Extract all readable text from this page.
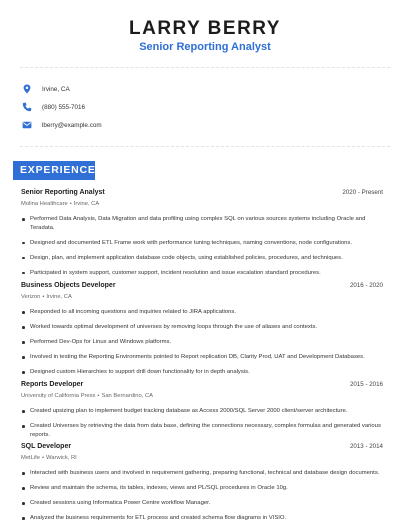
LARRY BERRY
Senior Reporting Analyst
Irvine, CA
(880) 555-7016
lberry@example.com
EXPERIENCE
Senior Reporting Analyst	2020 - Present
Molina Healthcare • Irvine, CA
Performed Data Analysis, Data Migration and data profiling using complex SQL on various sources systems including Oracle and Teradata.
Designed and documented ETL Frame work with performance tuning techniques, naming conventions, node configurations.
Design, plan, and implement application database code objects, using established policies, procedures, and techniques.
Participated in system support, customer support, incident resolution and issue escalation standard procedures.
Business Objects Developer	2016 - 2020
Verizon • Irvine, CA
Responded to all incoming questions and inquiries related to JIRA applications.
Worked towards optimal development of universes by removing loops through the use of aliases and contexts.
Performed Dev-Ops for Linux and Windows platforms.
Involved in testing the Reporting Environments pointed to Report replication DB, Clarity Prod, UAT and Development Databases.
Designed custom Hierarchies to support drill down functionality for in depth analysis.
Reports Developer	2015 - 2016
University of California Press • San Bernardino, CA
Created upsizing plan to implement budget tracking database as Access 2000/SQL Server 2000 client/server architecture.
Created Universes by retrieving the data from data base, defining the connections necessary, complex formulas and generated various reports.
SQL Developer	2013 - 2014
MetLife • Warwick, RI
Interacted with business users and involved in requirement gathering, preparing functional, technical and database design documents.
Review and maintain the schema, its tables, indexes, views and PL/SQL procedures in Oracle 10g.
Created sessions using Informatica Power Centre workflow Manager.
Analyzed the business requirements for ETL process and created schema flow diagrams in VISIO.
